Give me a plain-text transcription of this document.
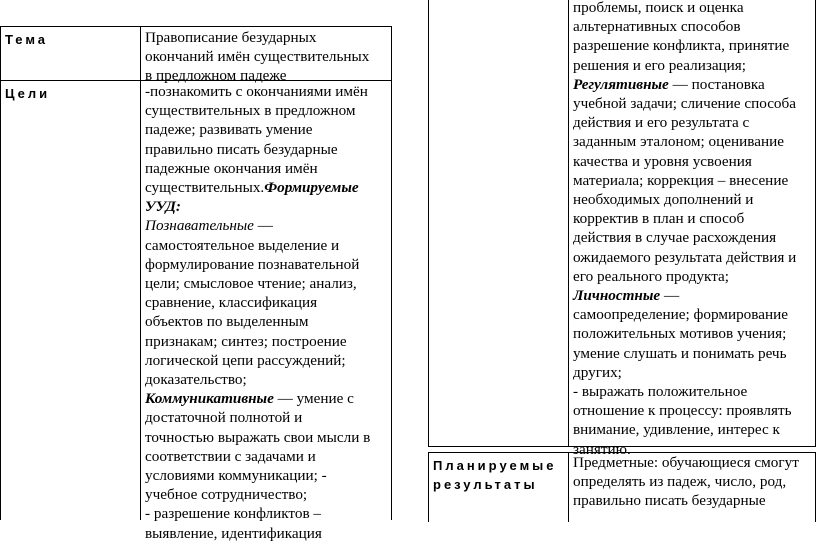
Тема	Правописание безударных
окончаний имён существительных
в предложном падеже
Цели	-познакомить с окончаниями имён
существительных в предложном
падеже; развивать умение
правильно писать безударные
падежные окончания имён
существительных.Формируемые
УУД:
Познавательные —
самостоятельное выделение и
формулирование познавательной
цели; смысловое чтение; анализ,
сравнение, классификация
объектов по выделенным
признакам; синтез; построение
логической цепи рассуждений;
доказательство;
Коммуникативные — умение с
достаточной полнотой и
точностью выражать свои мысли в
соответствии с задачами и
условиями коммуникации; -
учебное сотрудничество;
- разрешение конфликтов –
выявление, идентификация
проблемы, поиск и оценка
альтернативных способов
разрешение конфликта, принятие
решения и его реализация;
Регулятивные — постановка
учебной задачи; сличение способа
действия и его результата с
заданным эталоном; оценивание
качества и уровня усвоения
материала; коррекция – внесение
необходимых дополнений и
корректив в план и способ
действия в случае расхождения
ожидаемого результата действия и
его реального продукта;
Личностные —
самоопределение; формирование
положительных мотивов учения;
умение слушать и понимать речь
других;
- выражать положительное
отношение к процессу: проявлять
внимание, удивление, интерес к
занятию.
Планируемые
результаты
Предметные: обучающиеся смогут
определять из падеж, число, род,
правильно писать безударные
